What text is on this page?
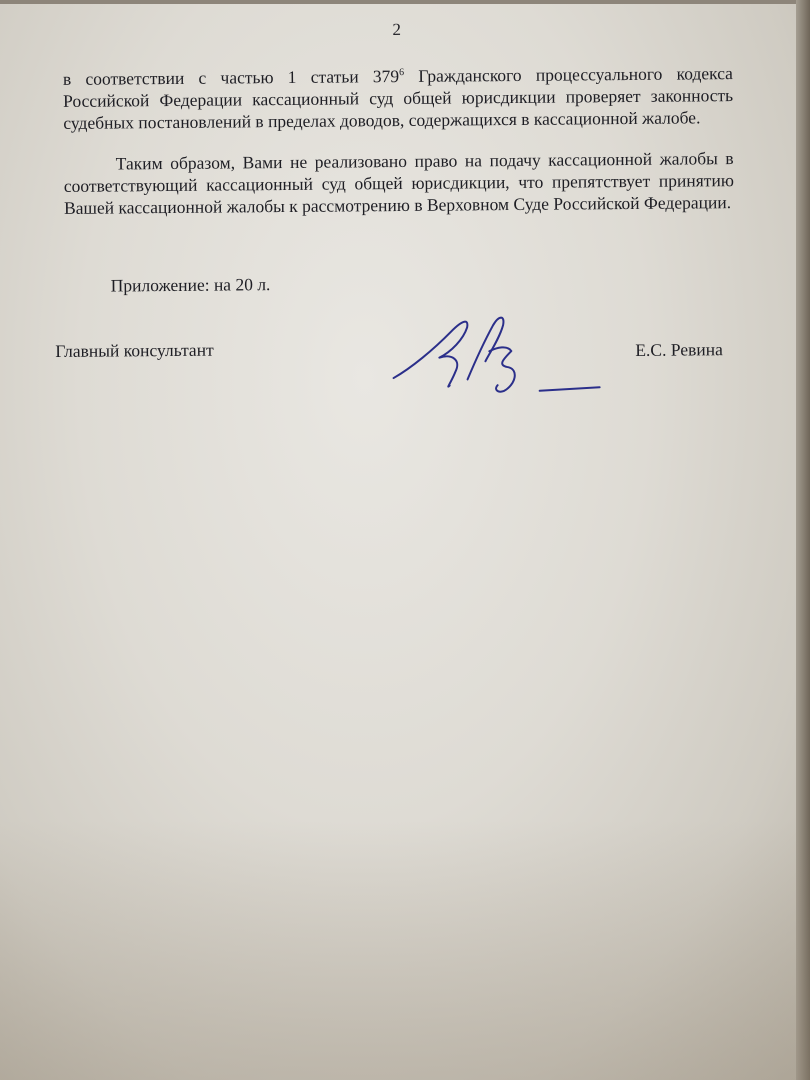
2

в соответствии с частью 1 статьи $379^6$ Гражданского процессуального кодекса Российской Федерации кассационный суд общей юрисдикции проверяет законность судебных постановлений в пределах доводов, содержащихся в кассационной жалобе.

Таким образом, Вами не реализовано право на подачу кассационной жалобы в соответствующий кассационный суд общей юрисдикции, что препятствует принятию Вашей кассационной жалобы к рассмотрению в Верховном Суде Российской Федерации.

Приложение: на 20 л.

Главный консультант	Е.С. Ревина
